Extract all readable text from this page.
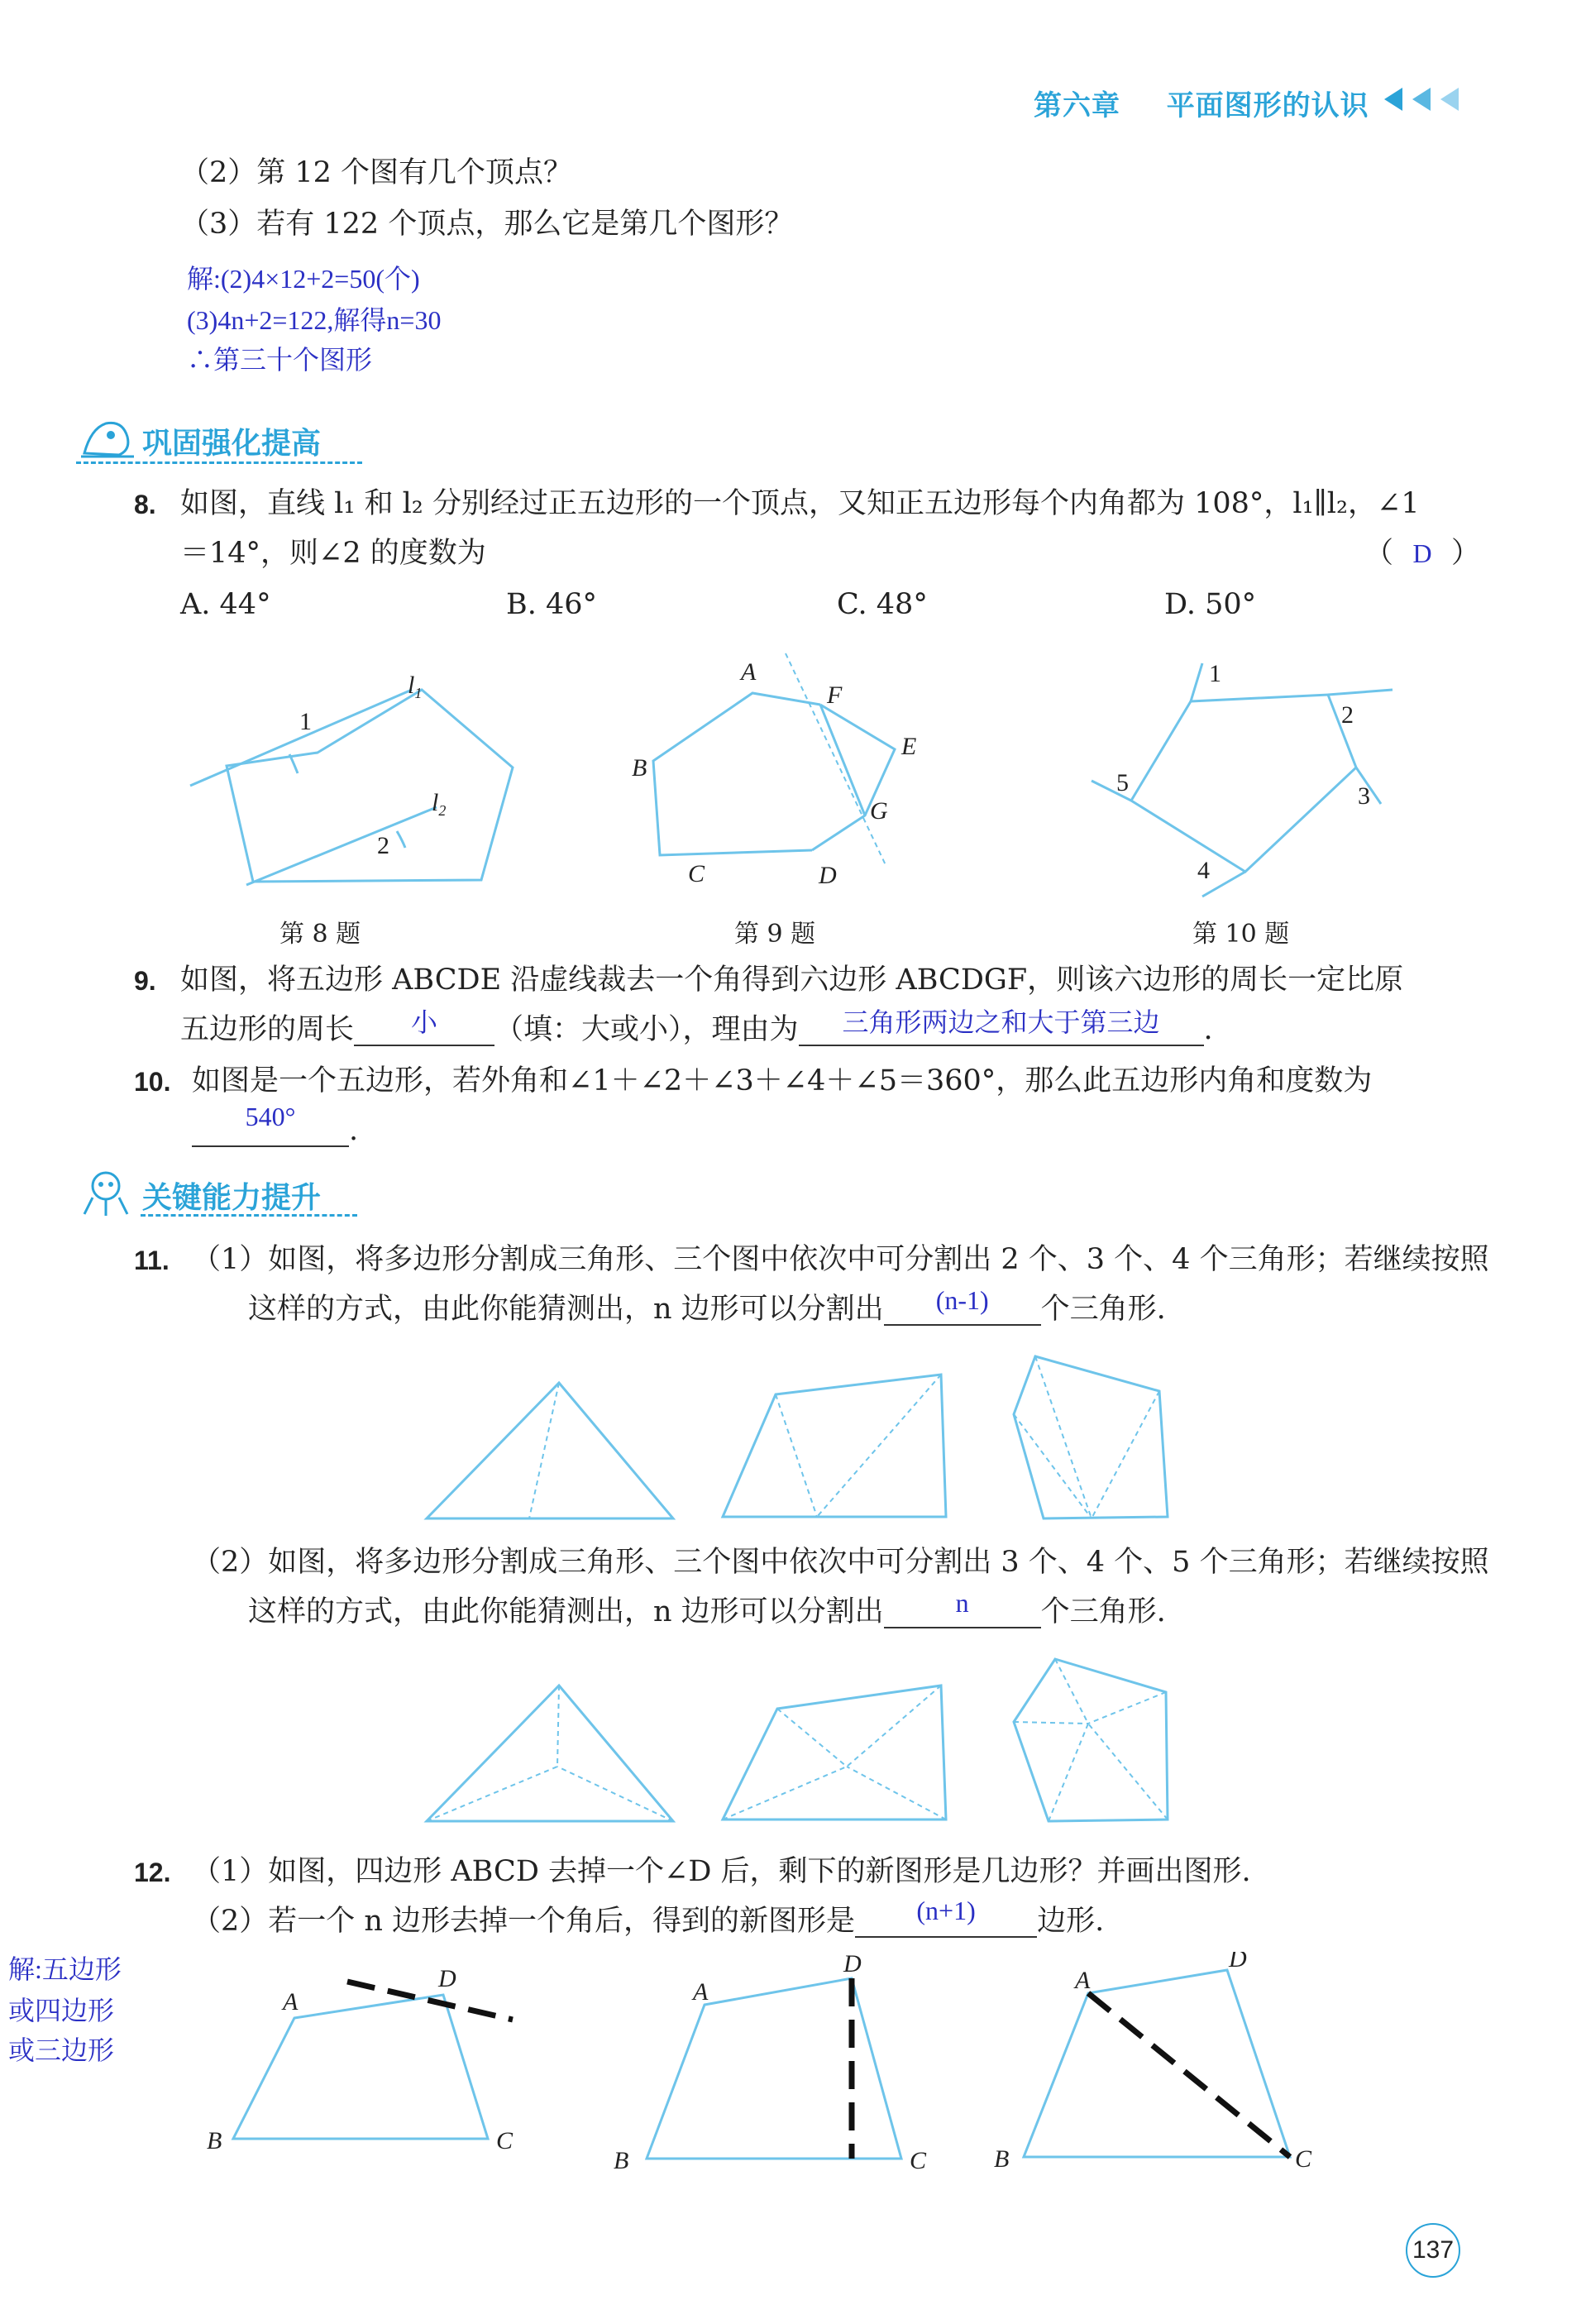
第六章 平面图形的认识
（2）第 12 个图有几个顶点？
（3）若有 122 个顶点，那么它是第几个图形？
解:(2)4×12+2=50(个)
(3)4n+2=122,解得n=30
∴第三十个图形
巩固强化提高
8. 如图，直线 l₁ 和 l₂ 分别经过正五边形的一个顶点，又知正五边形每个内角都为 108°，l₁∥l₂，∠1
＝14°，则∠2 的度数为	（ D ）
A. 44°	B. 46°	C. 48°	D. 50°
$l_1$
1
$l_2$
2
A
F
B
E
G
C	D
1
2
5	3
4
第 8 题	第 9 题	第 10 题
9. 如图，将五边形 ABCDE 沿虚线裁去一个角得到六边形 ABCDGF，则该六边形的周长一定比原
五边形的周长	小	（填：大或小），理由为	三角形两边之和大于第三边	.
10. 如图是一个五边形，若外角和∠1＋∠2＋∠3＋∠4＋∠5＝360°，那么此五边形内角和度数为
540°	.
关键能力提升
11. （1）如图，将多边形分割成三角形、三个图中依次中可分割出 2 个、3 个、4 个三角形；若继续按照
这样的方式，由此你能猜测出，n 边形可以分割出	(n-1)	个三角形.
（2）如图，将多边形分割成三角形、三个图中依次中可分割出 3 个、4 个、5 个三角形；若继续按照
这样的方式，由此你能猜测出，n 边形可以分割出	n	个三角形.
12. （1）如图，四边形 ABCD 去掉一个∠D 后，剩下的新图形是几边形？并画出图形.
（2）若一个 n 边形去掉一个角后，得到的新图形是	(n+1)	边形.
解:五边形
或四边形
或三边形
A
D
B	C
A
D
B	C
A
D
B	C
137
